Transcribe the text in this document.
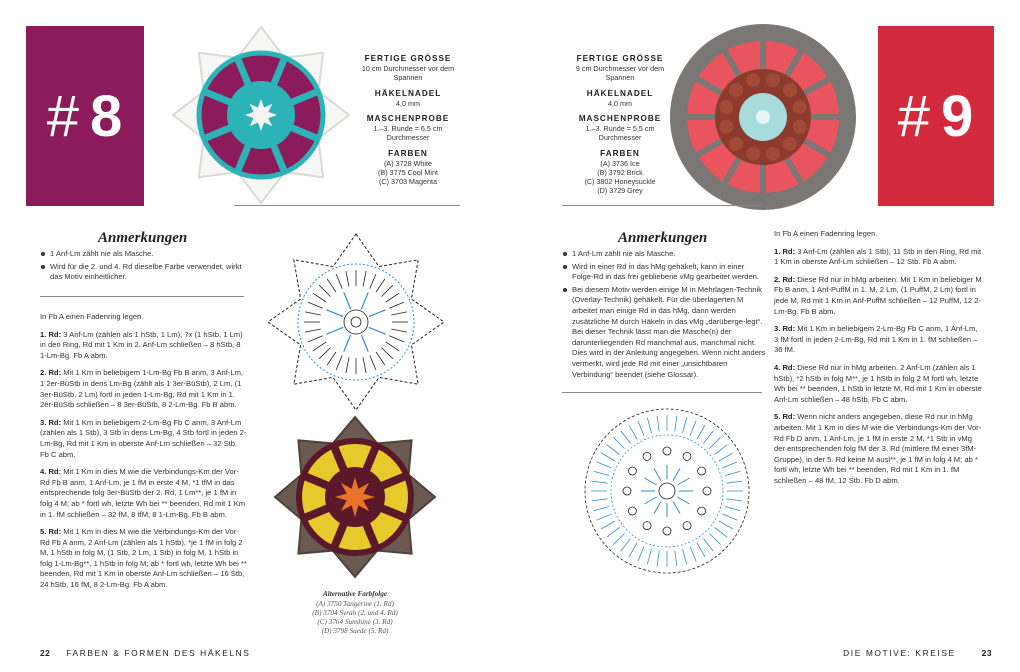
# 8
FERTIGE GRÖSSE
10 cm Durchmesser vor dem
Spannen
HÄKELNADEL
4,0 mm
MASCHENPROBE
1.–3. Runde = 6,5 cm
Durchmesser
FARBEN
(A) 3728 White
(B) 3775 Cool Mint
(C) 3703 Magenta
Anmerkungen
1 Anf-Lm zählt nie als Masche.
Wird für die 2. und 4. Rd dieselbe Farbe verwendet, wirkt das Motiv einheitlicher.

In Fb A einen Fadenring legen.

1. Rd: 3 Anf-Lm (zählen als 1 hStb, 1 Lm), 7x (1 hStb, 1 Lm) in den Ring, Rd mit 1 Km in 2. Anf-Lm schließen – 8 hStb, 8 1-Lm-Bg. Fb A abm.

2. Rd: Mit 1 Km in beliebigem 1-Lm-Bg Fb B anm, 3 Anf-Lm, 1 2er-BüStb in dens Lm-Bg (zählt als 1 3er-BüStb), 2 Lm, (1 3er-BüStb, 2 Lm) fortl in jeden 1-Lm-Bg, Rd mit 1 Km in 1. 2er-BüStb schließen – 8 3er-BüStb, 8 2-Lm-Bg. Fb B abm.

3. Rd: Mit 1 Km in beliebigem 2-Lm-Bg Fb C anm, 3 Anf-Lm (zählen als 1 Stb), 3 Stb in dens Lm-Bg, 4 Stb fortl in jeden 2-Lm-Bg, Rd mit 1 Km in oberste Anf-Lm schließen – 32 Stb. Fb C abm.

4. Rd: Mit 1 Km in dies M wie die Verbindungs-Km der Vor-Rd Fb B anm, 1 Anf-Lm, je 1 fM in erste 4 M, *1 tfM in das entsprechende folg 3er-BüStb der 2. Rd, 1 Lm**, je 1 fM in folg 4 M; ab * fortl wh, letzte Wh bei ** beenden, Rd mit 1 Km in 1. fM schließen – 32 fM, 8 tfM, 8 1-Lm-Bg. Fb B abm.

5. Rd: Mit 1 Km in dies M wie die Verbindungs-Km der Vor-Rd Fb A anm, 2 Anf-Lm (zählen als 1 hStb), *je 1 fM in folg 2 M, 1 hStb in folg M, (1 Stb, 2 Lm, 1 Stb) in folg M, 1 hStb in folg 1-Lm-Bg**, 1 hStb in folg M; ab * fortl wh, letzte Wh bei ** beenden, Rd mit 1 Km in oberste Anf-Lm schließen – 16 Stb, 24 hStb, 16 fM, 8 2-Lm-Bg. Fb A abm.

Alternative Farbfolge
(A) 3750 Tangerine (1. Rd)
(B) 3704 Syrah (2. und 4. Rd)
(C) 3764 Sunshine (3. Rd)
(D) 3798 Suede (5. Rd)
22 FARBEN & FORMEN DES HÄKELNS
# 9
FERTIGE GRÖSSE
9 cm Durchmesser vor dem
Spannen
HÄKELNADEL
4,0 mm
MASCHENPROBE
1.–3. Runde = 5,5 cm
Durchmesser
FARBEN
(A) 3736 Ice
(B) 3792 Brick
(C) 3802 Honeysuckle
(D) 3729 Grey
Anmerkungen
1 Anf-Lm zählt nie als Masche.
Wird in einer Rd in das hMg gehäkelt, kann in einer Folge-Rd in das frei gebliebene vMg gearbeitet werden.
Bei diesem Motiv werden einige M in Mehrlagen-Technik (Overlay-Technik) gehäkelt. Für die überlagerten M arbeitet man einige Rd in das hMg, dann werden zusätzliche M durch Häkeln in das vMg „darüberge-legt“. Bei dieser Technik lässt man die Masche(n) der darunterliegenden Rd manchmal aus, manchmal nicht. Dies wird in der Anleitung angegeben. Wenn nicht anders vermerkt, wird jede Rd mit einer „unsichtbaren Verbindung“ beendet (siehe Glossar).

In Fb A einen Fadenring legen.

1. Rd: 3 Anf-Lm (zählen als 1 Stb), 11 Stb in den Ring, Rd mit 1 Km in oberste Anf-Lm schließen – 12 Stb. Fb A abm.

2. Rd: Diese Rd nur in hMg arbeiten. Mit 1 Km in beliebiger M Fb B anm, 1 Anf-PuffM in 1. M, 2 Lm, (1 PuffM, 2 Lm) fortl in jede M, Rd mit 1 Km in Anf-PuffM schließen – 12 PuffM, 12 2-Lm-Bg. Fb B abm.

3. Rd: Mit 1 Km in beliebigem 2-Lm-Bg Fb C anm, 1 Anf-Lm, 3 fM fortl in jeden 2-Lm-Bg, Rd mit 1 Km in 1. fM schließen – 36 fM.

4. Rd: Diese Rd nur in hMg arbeiten. 2 Anf-Lm (zählen als 1 hStb), *2 hStb in folg M**, je 1 hStb in folg 2 M fortl wh, letzte Wh bei ** beenden, 1 hStb in letzte M, Rd mit 1 Km in oberste Anf-Lm schließen – 48 hStb. Fb C abm.

5. Rd: Wenn nicht anders angegeben, diese Rd nur in hMg arbeiten. Mit 1 Km in dies M wie die Verbindungs-Km der Vor-Rd Fb D anm, 1 Anf-Lm, je 1 fM in erste 2 M, *1 Stb in vMg der entsprechenden folg fM der 3. Rd (mittlere fM einer 3fM-Gruppe), in der 5. Rd keine M ausl**, je 1 fM in folg 4 M; ab * fortl wh, letzte Wh bei ** beenden, Rd mit 1 Km in 1. fM schließen – 48 fM, 12 Stb. Fb D abm.

DIE MOTIVE: KREISE	23
